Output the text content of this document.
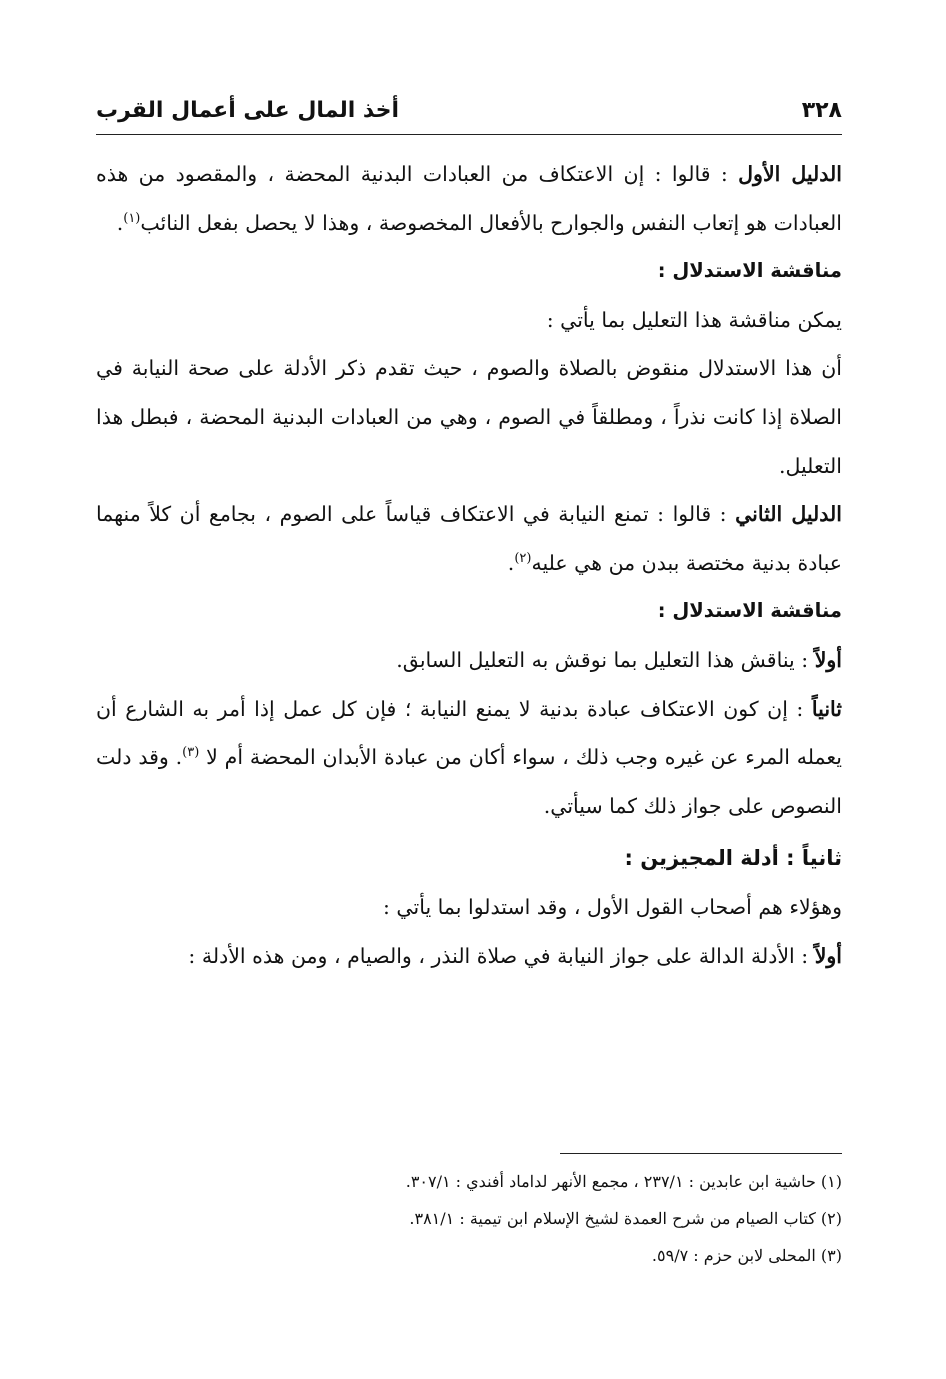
أخذ المال على أعمال القرب	٣٢٨

الدليل الأول : قالوا : إن الاعتكاف من العبادات البدنية المحضة ، والمقصود من هذه العبادات هو إتعاب النفس والجوارح بالأفعال المخصوصة ، وهذا لا يحصل بفعل النائب$^{(١)}$.

مناقشة الاستدلال :

يمكن مناقشة هذا التعليل بما يأتي :

أن هذا الاستدلال منقوض بالصلاة والصوم ، حيث تقدم ذكر الأدلة على صحة النيابة في الصلاة إذا كانت نذراً ، ومطلقاً في الصوم ، وهي من العبادات البدنية المحضة ، فبطل هذا التعليل.

الدليل الثاني : قالوا : تمنع النيابة في الاعتكاف قياساً على الصوم ، بجامع أن كلاً منهما عبادة بدنية مختصة ببدن من هي عليه$^{(٢)}$.

مناقشة الاستدلال :

أولاً : يناقش هذا التعليل بما نوقش به التعليل السابق.

ثانياً : إن كون الاعتكاف عبادة بدنية لا يمنع النيابة ؛ فإن كل عمل إذا أمر به الشارع أن يعمله المرء عن غيره وجب ذلك ، سواء أكان من عبادة الأبدان المحضة أم لا $^{(٣)}$. وقد دلت النصوص على جواز ذلك كما سيأتي.

ثانياً : أدلة المجيزين :

وهؤلاء هم أصحاب القول الأول ، وقد استدلوا بما يأتي :

أولاً : الأدلة الدالة على جواز النيابة في صلاة النذر ، والصيام ، ومن هذه الأدلة :

(١) حاشية ابن عابدين : ٢٣٧/١ ، مجمع الأنهر لداماد أفندي : ٣٠٧/١.

(٢) كتاب الصيام من شرح العمدة لشيخ الإسلام ابن تيمية : ٣٨١/١.

(٣) المحلى لابن حزم : ٥٩/٧.
